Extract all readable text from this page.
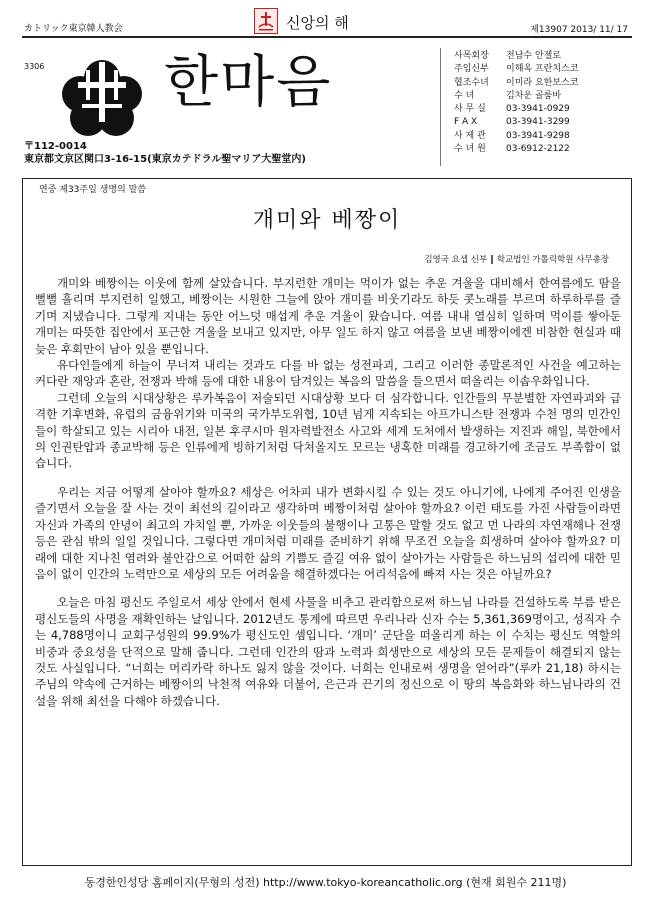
カトリック東京韓人教会	신앙의 해	제13907 2013/ 11/ 17
3306 한마음
〒112-0014
東京都文京区関口3-16-15(東京カテドラル聖マリア大聖堂内)
사목회장	전남수 안젤로
주임신부	이해옥 프란치스코
협조수녀	이미라 요한보스코
수 녀	김차운 골룸바
사 무 실	03-3941-0929
F A X	03-3941-3299
사 제 관	03-3941-9298
수 녀 원	03-6912-2122
연중 제33주일 생명의 말씀
개미와 베짱이
김영국 요셉 신부 ‖ 학교법인 가톨릭학원 사무총장

개미와 베짱이는 이웃에 함께 살았습니다. 부지런한 개미는 먹이가 없는 추운 겨울을 대비해서 한여름에도 땀을 뻘뻘 흘리며 부지런히 일했고, 베짱이는 시원한 그늘에 앉아 개미를 비웃기라도 하듯 콧노래를 부르며 하루하루를 즐기며 지냈습니다. 그렇게 지내는 동안 어느덧 매섭게 추운 겨울이 왔습니다. 여름 내내 열심히 일하며 먹이를 쌓아둔 개미는 따뜻한 집안에서 포근한 겨울을 보내고 있지만, 아무 일도 하지 않고 여름을 보낸 베짱이에겐 비참한 현실과 때늦은 후회만이 남아 있을 뿐입니다.

유다인들에게 하늘이 무너져 내리는 것과도 다를 바 없는 성전파괴, 그리고 이러한 종말론적인 사건을 예고하는 커다란 재앙과 혼란, 전쟁과 박해 등에 대한 내용이 담겨있는 복음의 말씀을 들으면서 떠올리는 이솝우화입니다.

그런데 오늘의 시대상황은 루카복음이 저술되던 시대상황 보다 더 심각합니다. 인간들의 무분별한 자연파괴와 급격한 기후변화, 유럽의 금융위기와 미국의 국가부도위협, 10년 넘게 지속되는 아프가니스탄 전쟁과 수천 명의 민간인들이 학살되고 있는 시리아 내전, 일본 후쿠시마 원자력발전소 사고와 세계 도처에서 발생하는 지진과 해일, 북한에서의 인권탄압과 종교박해 등은 인류에게 빙하기처럼 닥쳐올지도 모르는 냉혹한 미래를 경고하기에 조금도 부족함이 없습니다.

우리는 지금 어떻게 살아야 할까요? 세상은 어차피 내가 변화시킬 수 있는 것도 아니기에, 나에게 주어진 인생을 즐기면서 오늘을 잘 사는 것이 최선의 길이라고 생각하며 베짱이처럼 살아야 할까요? 이런 태도를 가진 사람들이라면 자신과 가족의 안녕이 최고의 가치일 뿐, 가까운 이웃들의 불행이나 고통은 말할 것도 없고 먼 나라의 자연재해나 전쟁 등은 관심 밖의 일일 것입니다. 그렇다면 개미처럼 미래를 준비하기 위해 무조건 오늘을 희생하며 살아야 할까요? 미래에 대한 지나친 염려와 불안감으로 어떠한 삶의 기쁨도 즐길 여유 없이 살아가는 사람들은 하느님의 섭리에 대한 믿음이 없이 인간의 노력만으로 세상의 모든 어려움을 해결하겠다는 어리석음에 빠져 사는 것은 아닐까요?

오늘은 마침 평신도 주일로서 세상 안에서 현세 사물을 비추고 관리함으로써 하느님 나라를 건설하도록 부름 받은 평신도들의 사명을 재확인하는 날입니다. 2012년도 통계에 따르면 우리나라 신자 수는 5,361,369명이고, 성직자 수는 4,788명이니 교회구성원의 99.9%가 평신도인 셈입니다. ‘개미’ 군단을 떠올리게 하는 이 수치는 평신도 역할의 비중과 중요성을 단적으로 말해 줍니다. 그런데 인간의 땀과 노력과 희생만으로 세상의 모든 문제들이 해결되지 않는 것도 사실입니다. “너희는 머리카락 하나도 잃지 않을 것이다. 너희는 인내로써 생명을 얻어라”(루카 21,18) 하시는 주님의 약속에 근거하는 베짱이의 낙천적 여유와 더불어, 은근과 끈기의 정신으로 이 땅의 복음화와 하느님나라의 건설을 위해 최선을 다해야 하겠습니다.

동경한인성당 홈페이지(무형의 성전) http://www.tokyo-koreancatholic.org (현재 회원수 211명)
